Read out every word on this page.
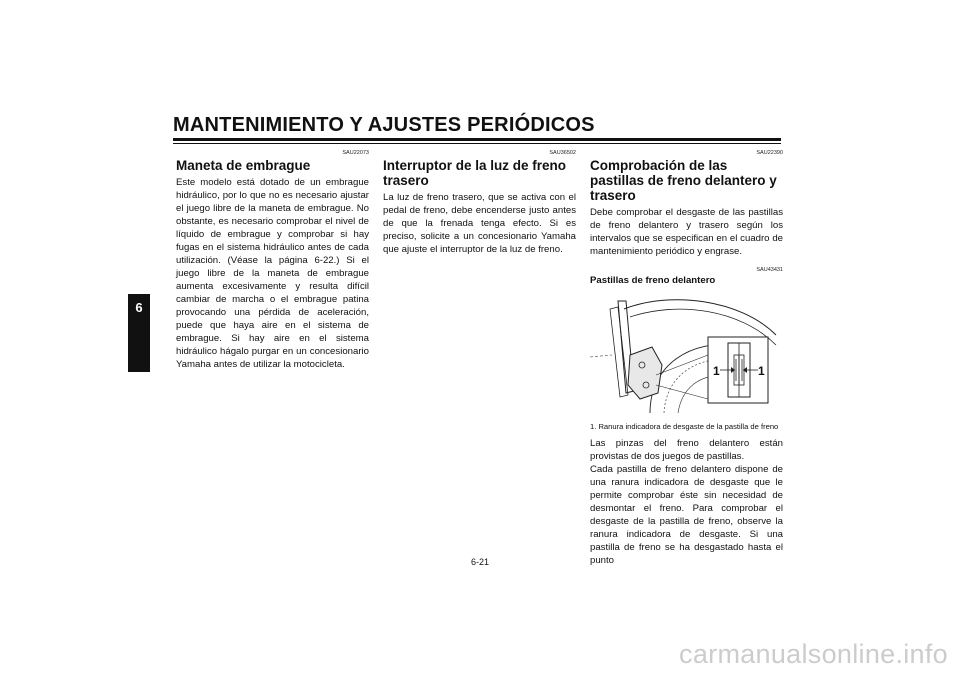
MANTENIMIENTO Y AJUSTES PERIÓDICOS
6
SAU22073
Maneta de embrague

Este modelo está dotado de un embrague hidráulico, por lo que no es necesario ajustar el juego libre de la maneta de embrague. No obstante, es necesario comprobar el nivel de líquido de embrague y comprobar si hay fugas en el sistema hidráulico antes de cada utilización. (Véase la página 6-22.) Si el juego libre de la maneta de embrague aumenta excesivamente y resulta difícil cambiar de marcha o el embrague patina provocando una pérdida de aceleración, puede que haya aire en el sistema de embrague. Si hay aire en el sistema hidráulico hágalo purgar en un concesionario Yamaha antes de utilizar la motocicleta.

SAU36502
Interruptor de la luz de freno trasero

La luz de freno trasero, que se activa con el pedal de freno, debe encenderse justo antes de que la frenada tenga efecto. Si es preciso, solicite a un concesionario Yamaha que ajuste el interruptor de la luz de freno.

SAU22390
Comprobación de las pastillas de freno delantero y trasero

Debe comprobar el desgaste de las pastillas de freno delantero y trasero según los intervalos que se especifican en el cuadro de mantenimiento periódico y engrase.

SAU43431
Pastillas de freno delantero
1	1
1. Ranura indicadora de desgaste de la pastilla de freno

Las pinzas del freno delantero están provistas de dos juegos de pastillas.

Cada pastilla de freno delantero dispone de una ranura indicadora de desgaste que le permite comprobar éste sin necesidad de desmontar el freno. Para comprobar el desgaste de la pastilla de freno, observe la ranura indicadora de desgaste. Si una pastilla de freno se ha desgastado hasta el punto

6-21
carmanualsonline.info
